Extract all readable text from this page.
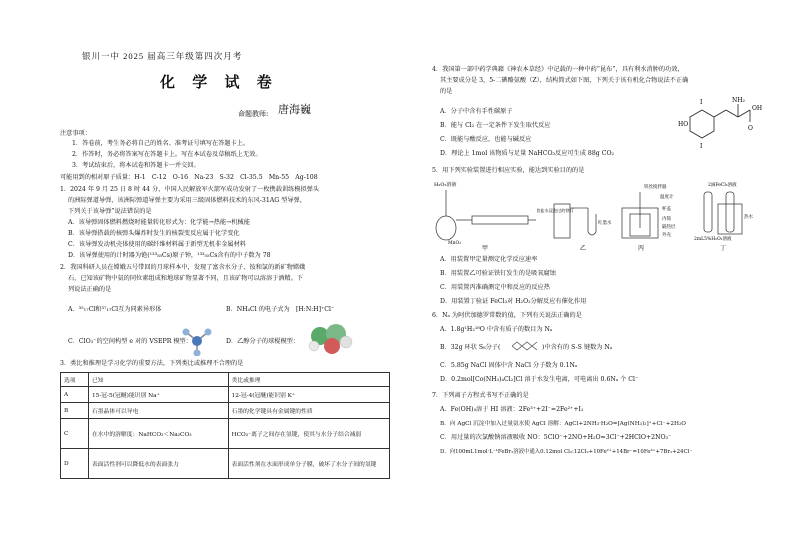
银川一中 2025 届高三年级第四次月考
化 学 试 卷
命题教师: 唐海巍
注意事项：
1．答卷前，考生务必将自己的姓名、准考证号填写在答题卡上。
2．作答时，务必将答案写在答题卡上。写在本试卷及草稿纸上无效。
3．考试结束后，将本试卷和答题卡一并交回。
可能用到的相对原子质量：H-1　C-12　O-16　Na-23　S-32　Cl-35.5　Mn-55　Ag-108
1．2024 年 9 月 25 日 8 时 44 分，中国人民解放军火箭军成功发射了一枚携载训练模拟弹头
的洲际弹道导弹，该洲际弹道导弹主要为采用三级固体燃料技术的东风-31AG 型导弹，
下列关于该导弹”说法错误的是
A．该导弹固体燃料燃烧时能量转化形式为：化学能→热能→机械能
B．该导弹搭载的核弹头爆炸时发生的核裂变反应属于化学变化
C．该导弹发动机壳体使用的碳纤维材料属于新型无机非金属材料
D．该导弹使用的计时器为铯(¹³³₅₅Cs)原子钟，¹³³₅₅Cs含有的中子数为 78
2．我国科研人员在嫦娥五号带回的月球样本中，发现了富含水分子、铵和氯的新矿物嫦娥
石，已知该矿物中氨的同位素组成和地球矿物显著不同，且该矿物可以溶溶于酒精。下
列说法正确的是
A．³⁵₁₇Cl和³⁷₁₇Cl互为同素异形体	B．NH₄Cl 的电子式为 [H:N:H]⁺Cl⁻
C．ClO₃⁻的空间构型 e 对的 VSEPR 模型：	D．乙醇分子的球棍模型：
3．类比和推理是学习化学的重要方法，下列类比或推理不合理的是
选项	已知	类比或推理
A	15-冠-5(冠醚)能识别 Na⁺	12-冠-4(冠醚)能识别 K⁺
B	石墨晶体可以导电	石墨的化学键具有金属键的性质
C	在水中的溶解度：NaHCO₃＜Na₂CO₃	HCO₃⁻离子之间存在氢键，使其与水分子结合减弱
D	表面活性剂可以降低水的表面张力	表面活性剂在水面形成单分子膜，破坏了水分子间的氢键
4．我国第一部中药学典籍《神农本草经》中记载的一种中药“昆布”，具有利水消肿的功效，
其主要成分是 3，5-二碘酪氨酸（Z），结构简式如下图，下列关于该有机化合物说法不正确
的是
A．分子中含有手性碳原子
B．能与 Cl₂ 在一定条件下发生取代反应
C．既能与酸反应，也能与碱反应
D．理论上 1mol 该物质与足量 NaHCO₃反应可生成 88g CO₂
I
I
HO
NH₂
OH
O
5．用下列实验装置进行相应实验，能达到实验目的的是
H₂O₂溶液
MnO₂
甲
食盐水浸泡过的铁钉
红墨水
乙
铁丝搅拌器
温度计
杯盖
内筒
隔热层
外壳
丙
2滴FeCl₃溶液
热水
2mL5%H₂O₂溶液
丁
A．用装置甲定量测定化学反应速率
B．用装置乙可验证铁钉发生的是吸氧腐蚀
C．用装置丙准确测定中和反应的反应热
D．用装置丁验证 FeCl₃对 H₂O₂分解反应有催化作用
6．Nₐ 为阿伏加德罗常数的值，下列有关说法正确的是
A．1.8g¹H₂¹⁸O 中含有质子的数目为 Nₐ
B．32g 环状 S₈分子(	)中含有的 S-S 键数为 Nₐ
C．5.85g NaCl 固体中含 NaCl 分子数为 0.1Nₐ
D．0.2mol[Co(NH₃)₄Cl₂]Cl 溶于水发生电离，可电离出 0.6Nₐ 个 Cl⁻
7．下列离子方程式书写不正确的是
A．Fe(OH)₃溶于 HI 溶液：2Fe³⁺+2I⁻=2Fe²⁺+I₂
B．向 AgCl 沉淀中加入过量氨水使 AgCl 溶解：AgCl+2NH₃·H₂O=[Ag(NH₃)₂]⁺+Cl⁻+2H₂O
C．用过量的次氯酸钠溶液吸收 NO：5ClO⁻+2NO+H₂O=3Cl⁻+2HClO+2NO₃⁻
D．向100mL1mol·L⁻¹FeBr₂溶液中通入0.12mol Cl₂:12Cl₂+10Fe²⁺+14Br⁻=10Fe³⁺+7Br₂+24Cl⁻
